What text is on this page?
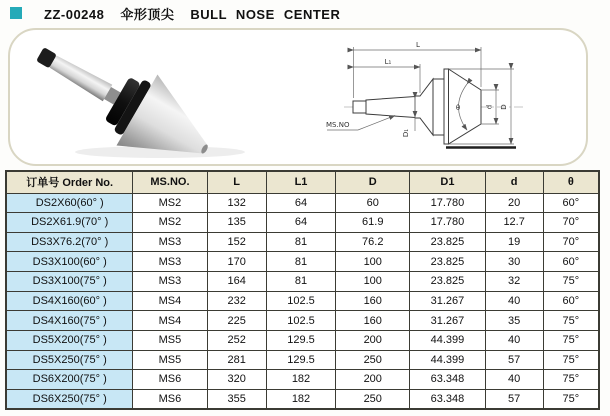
ZZ-00248 伞形顶尖 BULL NOSE CENTER
L
L₁
D
d
D₁
θ
MS.NO
订单号 Order No.	MS.NO.	L	L1	D	D1	d	θ
DS2X60(60° )	MS2	132	64	60	17.780	20	60°
DS2X61.9(70° )	MS2	135	64	61.9	17.780	12.7	70°
DS3X76.2(70° )	MS3	152	81	76.2	23.825	19	70°
DS3X100(60° )	MS3	170	81	100	23.825	30	60°
DS3X100(75° )	MS3	164	81	100	23.825	32	75°
DS4X160(60° )	MS4	232	102.5	160	31.267	40	60°
DS4X160(75° )	MS4	225	102.5	160	31.267	35	75°
DS5X200(75° )	MS5	252	129.5	200	44.399	40	75°
DS5X250(75° )	MS5	281	129.5	250	44.399	57	75°
DS6X200(75° )	MS6	320	182	200	63.348	40	75°
DS6X250(75° )	MS6	355	182	250	63.348	57	75°
